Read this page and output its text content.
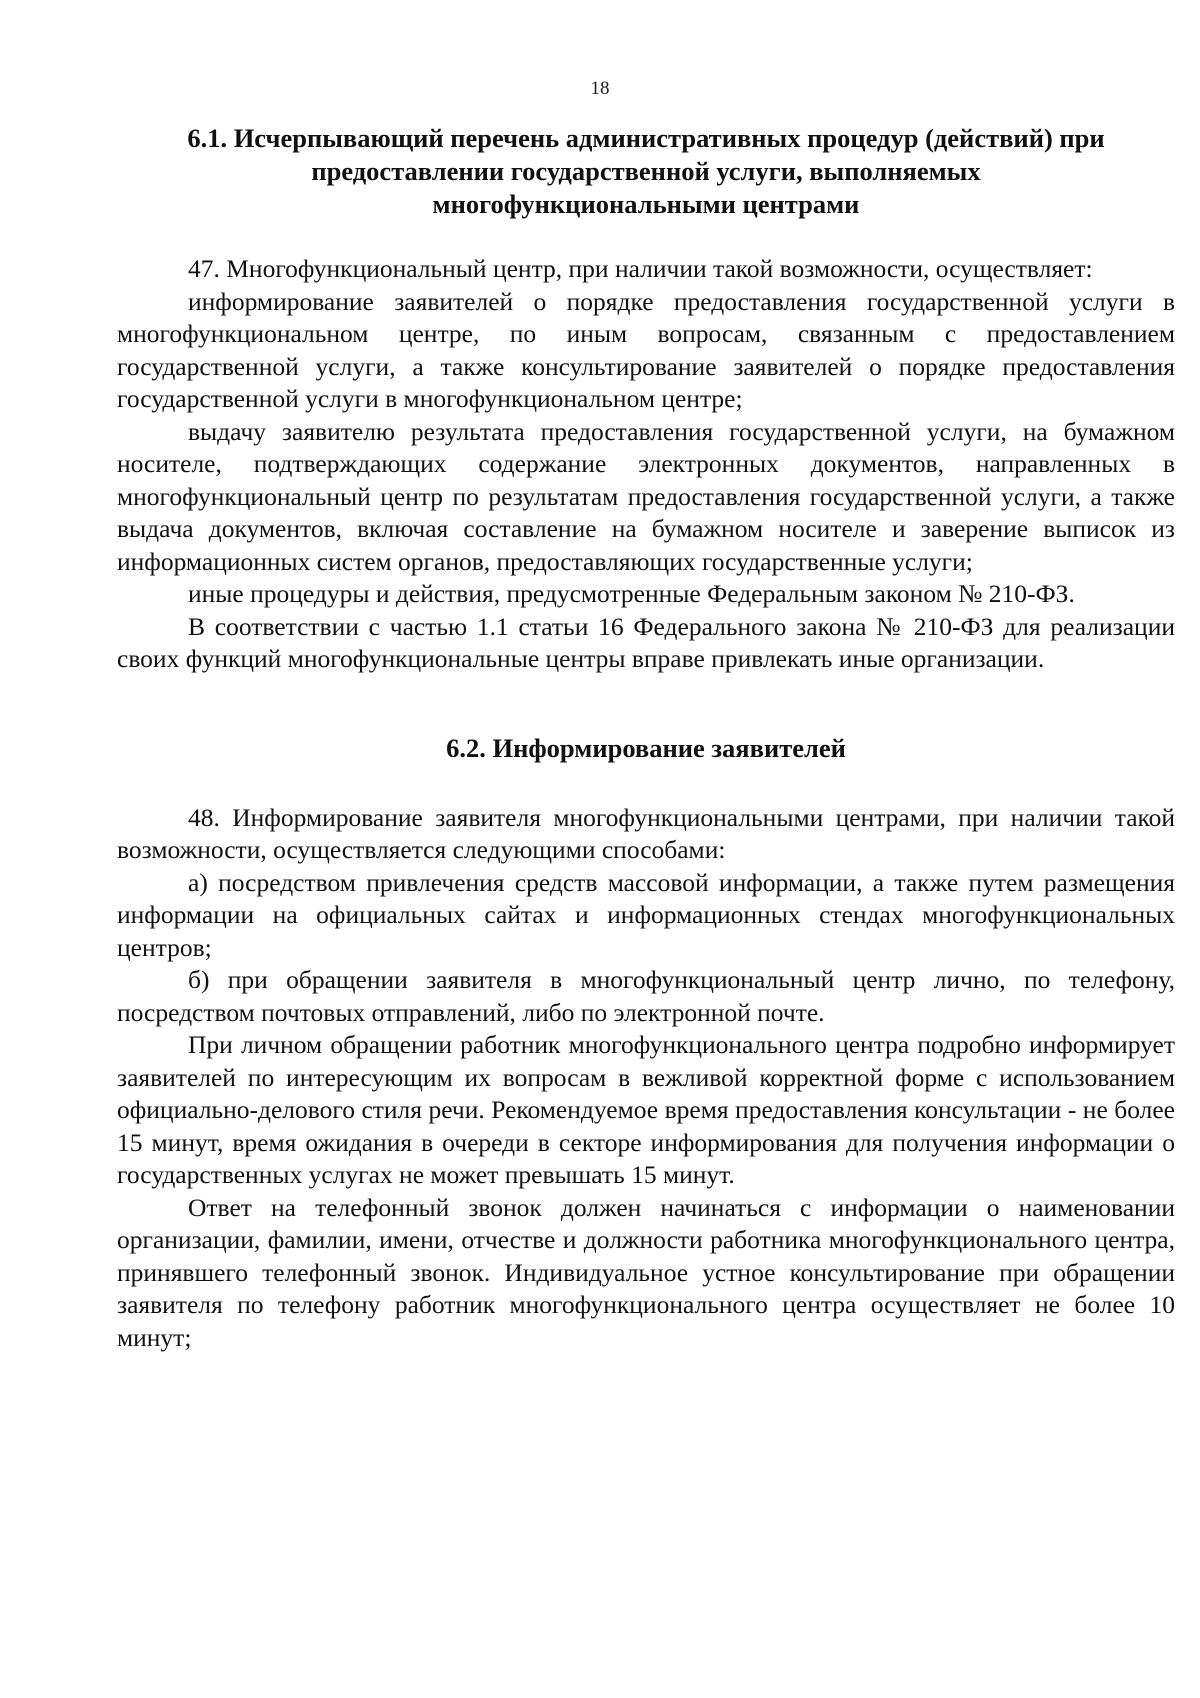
18
6.1. Исчерпывающий перечень административных процедур (действий) при
предоставлении государственной услуги, выполняемых
многофункциональными центрами

47. Многофункциональный центр, при наличии такой возможности, осуществляет:

информирование заявителей о порядке предоставления государственной услуги в многофункциональном центре, по иным вопросам, связанным с предоставлением государственной услуги, а также консультирование заявителей о порядке предоставления государственной услуги в многофункциональном центре;

выдачу заявителю результата предоставления государственной услуги, на бумажном носителе, подтверждающих содержание электронных документов, направленных в многофункциональный центр по результатам предоставления государственной услуги, а также выдача документов, включая составление на бумажном носителе и заверение выписок из информационных систем органов, предоставляющих государственные услуги;

иные процедуры и действия, предусмотренные Федеральным законом № 210-ФЗ.

В соответствии с частью 1.1 статьи 16 Федерального закона № 210-ФЗ для реализации своих функций многофункциональные центры вправе привлекать иные организации.

6.2. Информирование заявителей

48. Информирование заявителя многофункциональными центрами, при наличии такой возможности, осуществляется следующими способами:

а) посредством привлечения средств массовой информации, а также путем размещения информации на официальных сайтах и информационных стендах многофункциональных центров;

б) при обращении заявителя в многофункциональный центр лично, по телефону, посредством почтовых отправлений, либо по электронной почте.

При личном обращении работник многофункционального центра подробно информирует заявителей по интересующим их вопросам в вежливой корректной форме с использованием официально-делового стиля речи. Рекомендуемое время предоставления консультации - не более 15 минут, время ожидания в очереди в секторе информирования для получения информации о государственных услугах не может превышать 15 минут.

Ответ на телефонный звонок должен начинаться с информации о наименовании организации, фамилии, имени, отчестве и должности работника многофункционального центра, принявшего телефонный звонок. Индивидуальное устное консультирование при обращении заявителя по телефону работник многофункционального центра осуществляет не более 10 минут;
